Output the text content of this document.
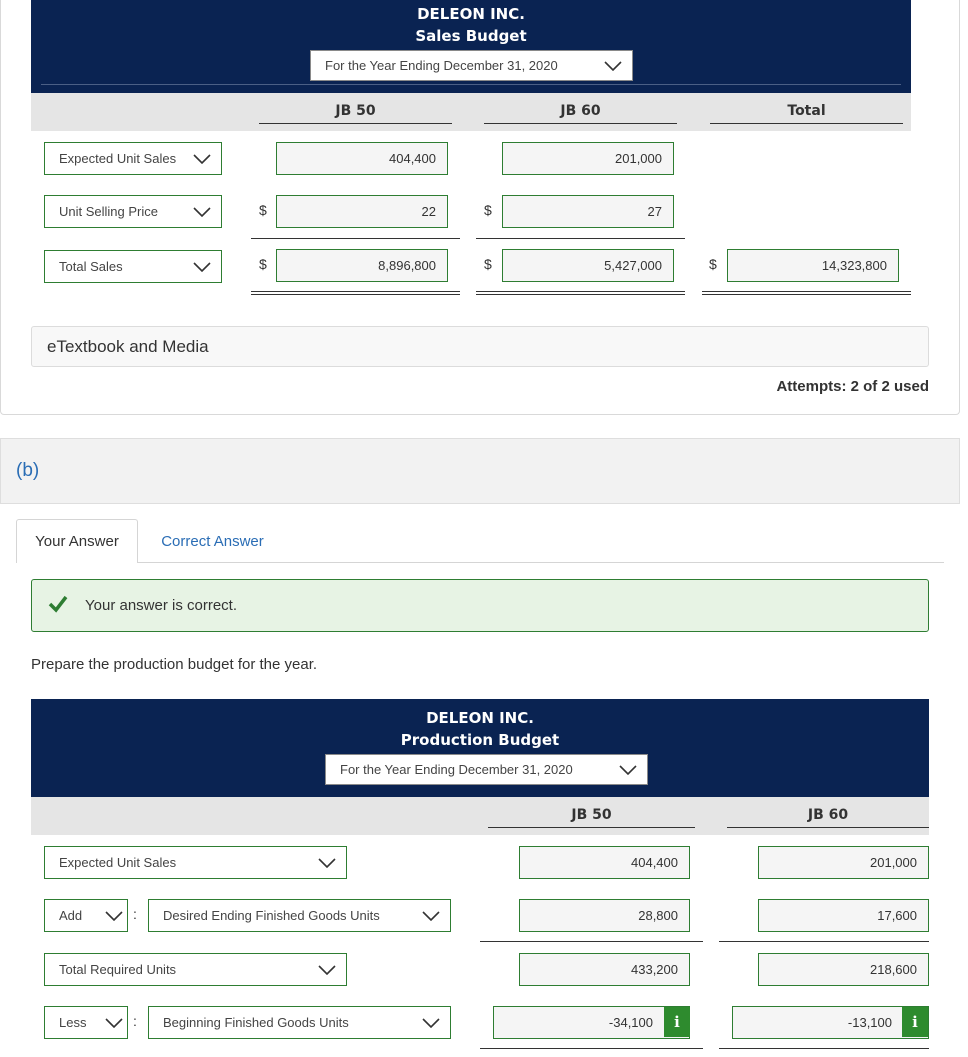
DELEON INC.
Sales Budget
For the Year Ending December 31, 2020
JB 50	JB 60	Total
Expected Unit Sales	404,400	201,000
Unit Selling Price	$	22	$	27
Total Sales	$	8,896,800	$	5,427,000	$	14,323,800
eTextbook and Media
Attempts: 2 of 2 used
(b)
Your Answer	Correct Answer
Your answer is correct.
Prepare the production budget for the year.
DELEON INC.
Production Budget
For the Year Ending December 31, 2020
JB 50	JB 60
Expected Unit Sales	404,400	201,000
Add	: Desired Ending Finished Goods Units	28,800	17,600
Total Required Units	433,200	218,600
Less	: Beginning Finished Goods Units	-34,100	i	-13,100	i
